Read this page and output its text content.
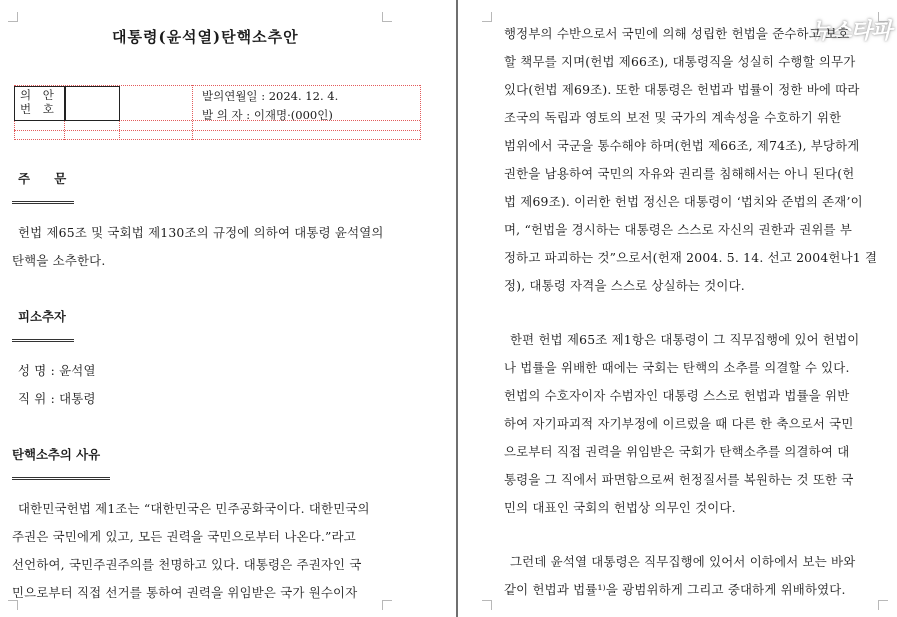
대통령(윤석열)탄핵소추안
의 안 번 호
발의연월일 : 2024. 12. 4.
발 의 자 : 이재명·(000인)
주 문
헌법 제65조 및 국회법 제130조의 규정에 의하여 대통령 윤석열의
탄핵을 소추한다.
피소추자
성 명 : 윤석열
직 위 : 대통령
탄핵소추의 사유
대한민국헌법 제1조는 “대한민국은 민주공화국이다. 대한민국의
주권은 국민에게 있고, 모든 권력을 국민으로부터 나온다.”라고
선언하여, 국민주권주의를 천명하고 있다. 대통령은 주권자인 국
민으로부터 직접 선거를 통하여 권력을 위임받은 국가 원수이자
뉴스타파
행정부의 수반으로서 국민에 의해 성립한 헌법을 준수하고 보호
할 책무를 지며(헌법 제66조), 대통령직을 성실히 수행할 의무가
있다(헌법 제69조). 또한 대통령은 헌법과 법률이 정한 바에 따라
조국의 독립과 영토의 보전 및 국가의 계속성을 수호하기 위한
범위에서 국군을 통수해야 하며(헌법 제66조, 제74조), 부당하게
권한을 남용하여 국민의 자유와 권리를 침해해서는 아니 된다(헌
법 제69조). 이러한 헌법 정신은 대통령이 ‘법치와 준법의 존재’이
며, “헌법을 경시하는 대통령은 스스로 자신의 권한과 권위를 부
정하고 파괴하는 것”으로서(헌재 2004. 5. 14. 선고 2004헌나1 결
정), 대통령 자격을 스스로 상실하는 것이다.
한편 헌법 제65조 제1항은 대통령이 그 직무집행에 있어 헌법이
나 법률을 위배한 때에는 국회는 탄핵의 소추를 의결할 수 있다.
헌법의 수호자이자 수범자인 대통령 스스로 헌법과 법률을 위반
하여 자기파괴적 자기부정에 이르렀을 때 다른 한 축으로서 국민
으로부터 직접 권력을 위임받은 국회가 탄핵소추를 의결하여 대
통령을 그 직에서 파면함으로써 헌정질서를 복원하는 것 또한 국
민의 대표인 국회의 헌법상 의무인 것이다.
그런데 윤석열 대통령은 직무집행에 있어서 이하에서 보는 바와
같이 헌법과 법률¹⁾을 광범위하게 그리고 중대하게 위배하였다.
